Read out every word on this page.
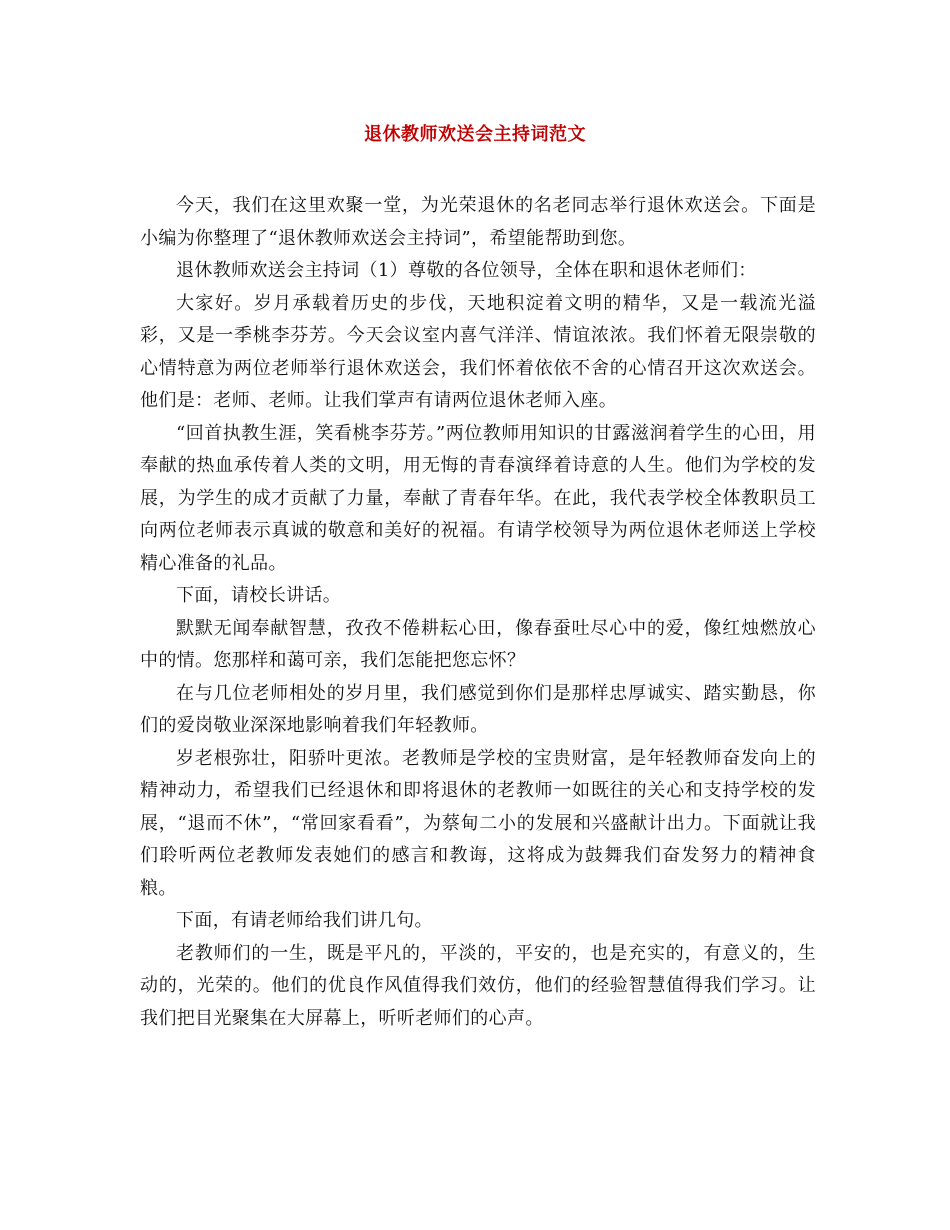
退休教师欢送会主持词范文

今天，我们在这里欢聚一堂，为光荣退休的名老同志举行退休欢送会。下面是小编为你整理了“退休教师欢送会主持词”，希望能帮助到您。

退休教师欢送会主持词（1）尊敬的各位领导，全体在职和退休老师们：

大家好。岁月承载着历史的步伐，天地积淀着文明的精华，又是一载流光溢彩，又是一季桃李芬芳。今天会议室内喜气洋洋、情谊浓浓。我们怀着无限崇敬的心情特意为两位老师举行退休欢送会，我们怀着依依不舍的心情召开这次欢送会。他们是：老师、老师。让我们掌声有请两位退休老师入座。

“回首执教生涯，笑看桃李芬芳。”两位教师用知识的甘露滋润着学生的心田，用奉献的热血承传着人类的文明，用无悔的青春演绎着诗意的人生。他们为学校的发展，为学生的成才贡献了力量，奉献了青春年华。在此，我代表学校全体教职员工向两位老师表示真诚的敬意和美好的祝福。有请学校领导为两位退休老师送上学校精心准备的礼品。

下面，请校长讲话。

默默无闻奉献智慧，孜孜不倦耕耘心田，像春蚕吐尽心中的爱，像红烛燃放心中的情。您那样和蔼可亲，我们怎能把您忘怀？

在与几位老师相处的岁月里，我们感觉到你们是那样忠厚诚实、踏实勤恳，你们的爱岗敬业深深地影响着我们年轻教师。

岁老根弥壮，阳骄叶更浓。老教师是学校的宝贵财富，是年轻教师奋发向上的精神动力，希望我们已经退休和即将退休的老教师一如既往的关心和支持学校的发展，“退而不休”，“常回家看看”，为蔡甸二小的发展和兴盛献计出力。下面就让我们聆听两位老教师发表她们的感言和教诲，这将成为鼓舞我们奋发努力的精神食粮。

下面，有请老师给我们讲几句。

老教师们的一生，既是平凡的，平淡的，平安的，也是充实的，有意义的，生动的，光荣的。他们的优良作风值得我们效仿，他们的经验智慧值得我们学习。让我们把目光聚集在大屏幕上，听听老师们的心声。
